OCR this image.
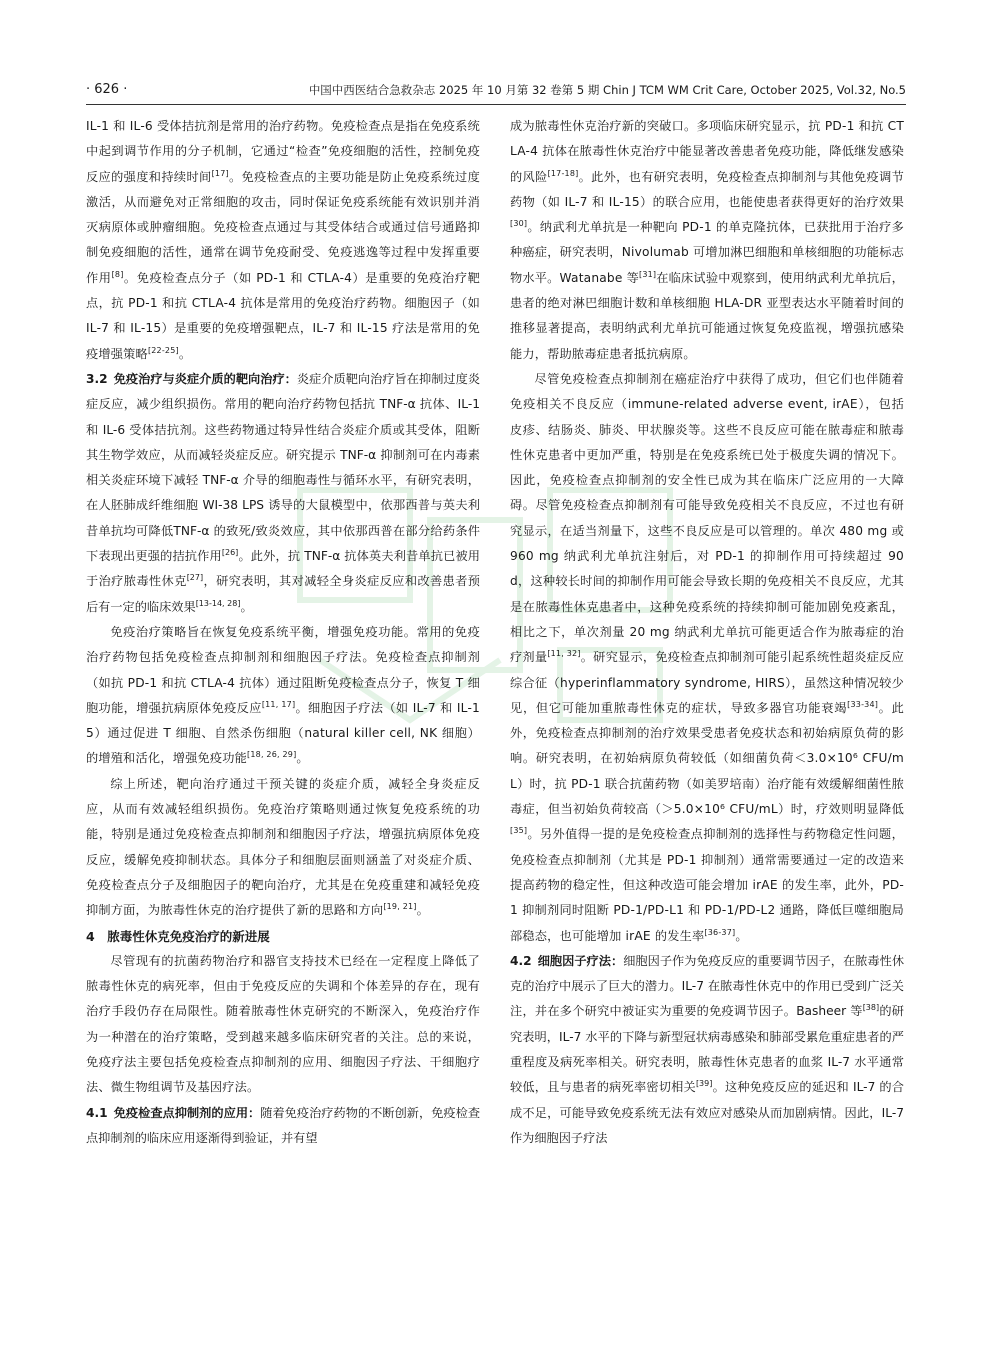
· 626 ·	中国中西医结合急救杂志 2025 年 10 月第 32 卷第 5 期 Chin J TCM WM Crit Care, October 2025, Vol.32, No.5

IL-1 和 IL-6 受体拮抗剂是常用的治疗药物。免疫检查点是指在免疫系统中起到调节作用的分子机制，它通过“检查”免疫细胞的活性，控制免疫反应的强度和持续时间[17]。免疫检查点的主要功能是防止免疫系统过度激活，从而避免对正常细胞的攻击，同时保证免疫系统能有效识别并消灭病原体或肿瘤细胞。免疫检查点通过与其受体结合或通过信号通路抑制免疫细胞的活性，通常在调节免疫耐受、免疫逃逸等过程中发挥重要作用[8]。免疫检查点分子（如 PD-1 和 CTLA-4）是重要的免疫治疗靶点，抗 PD-1 和抗 CTLA-4 抗体是常用的免疫治疗药物。细胞因子（如 IL-7 和 IL-15）是重要的免疫增强靶点，IL-7 和 IL-15 疗法是常用的免疫增强策略[22-25]。

3.2  免疫治疗与炎症介质的靶向治疗：炎症介质靶向治疗旨在抑制过度炎症反应，减少组织损伤。常用的靶向治疗药物包括抗 TNF-α 抗体、IL-1 和 IL-6 受体拮抗剂。这些药物通过特异性结合炎症介质或其受体，阻断其生物学效应，从而减轻炎症反应。研究提示 TNF-α 抑制剂可在内毒素相关炎症环境下减轻 TNF-α 介导的细胞毒性与循环水平，有研究表明，在人胚肺成纤维细胞 WI-38 LPS 诱导的大鼠模型中，依那西普与英夫利昔单抗均可降低TNF-α 的致死/致炎效应，其中依那西普在部分给药条件下表现出更强的拮抗作用[26]。此外，抗 TNF-α 抗体英夫利昔单抗已被用于治疗脓毒性休克[27]，研究表明，其对减轻全身炎症反应和改善患者预后有一定的临床效果[13-14, 28]。

免疫治疗策略旨在恢复免疫系统平衡，增强免疫功能。常用的免疫治疗药物包括免疫检查点抑制剂和细胞因子疗法。免疫检查点抑制剂（如抗 PD-1 和抗 CTLA-4 抗体）通过阻断免疫检查点分子，恢复 T 细胞功能，增强抗病原体免疫反应[11, 17]。细胞因子疗法（如 IL-7 和 IL-15）通过促进 T 细胞、自然杀伤细胞（natural killer cell, NK 细胞）的增殖和活化，增强免疫功能[18, 26, 29]。

综上所述，靶向治疗通过干预关键的炎症介质，减轻全身炎症反应，从而有效减轻组织损伤。免疫治疗策略则通过恢复免疫系统的功能，特别是通过免疫检查点抑制剂和细胞因子疗法，增强抗病原体免疫反应，缓解免疫抑制状态。具体分子和细胞层面则涵盖了对炎症介质、免疫检查点分子及细胞因子的靶向治疗，尤其是在免疫重建和减轻免疫抑制方面，为脓毒性休克的治疗提供了新的思路和方向[19, 21]。

4　脓毒性休克免疫治疗的新进展

尽管现有的抗菌药物治疗和器官支持技术已经在一定程度上降低了脓毒性休克的病死率，但由于免疫反应的失调和个体差异的存在，现有治疗手段仍存在局限性。随着脓毒性休克研究的不断深入，免疫治疗作为一种潜在的治疗策略，受到越来越多临床研究者的关注。总的来说，免疫疗法主要包括免疫检查点抑制剂的应用、细胞因子疗法、干细胞疗法、微生物组调节及基因疗法。

4.1  免疫检查点抑制剂的应用：随着免疫治疗药物的不断创新，免疫检查点抑制剂的临床应用逐渐得到验证，并有望

成为脓毒性休克治疗新的突破口。多项临床研究显示，抗 PD-1 和抗 CTLA-4 抗体在脓毒性休克治疗中能显著改善患者免疫功能，降低继发感染的风险[17-18]。此外，也有研究表明，免疫检查点抑制剂与其他免疫调节药物（如 IL-7 和 IL-15）的联合应用，也能使患者获得更好的治疗效果[30]。纳武利尤单抗是一种靶向 PD-1 的单克隆抗体，已获批用于治疗多种癌症，研究表明，Nivolumab 可增加淋巴细胞和单核细胞的功能标志物水平。Watanabe 等[31]在临床试验中观察到，使用纳武利尤单抗后，患者的绝对淋巴细胞计数和单核细胞 HLA-DR 亚型表达水平随着时间的推移显著提高，表明纳武利尤单抗可能通过恢复免疫监视，增强抗感染能力，帮助脓毒症患者抵抗病原。

尽管免疫检查点抑制剂在癌症治疗中获得了成功，但它们也伴随着免疫相关不良反应（immune-related adverse event, irAE），包括皮疹、结肠炎、肺炎、甲状腺炎等。这些不良反应可能在脓毒症和脓毒性休克患者中更加严重，特别是在免疫系统已处于极度失调的情况下。因此，免疫检查点抑制剂的安全性已成为其在临床广泛应用的一大障碍。尽管免疫检查点抑制剂有可能导致免疫相关不良反应，不过也有研究显示，在适当剂量下，这些不良反应是可以管理的。单次 480 mg 或 960 mg 纳武利尤单抗注射后，对 PD-1 的抑制作用可持续超过 90 d，这种较长时间的抑制作用可能会导致长期的免疫相关不良反应，尤其是在脓毒性休克患者中，这种免疫系统的持续抑制可能加剧免疫紊乱，相比之下，单次剂量 20 mg 纳武利尤单抗可能更适合作为脓毒症的治疗剂量[11, 32]。研究显示，免疫检查点抑制剂可能引起系统性超炎症反应综合征（hyperinflammatory syndrome, HIRS），虽然这种情况较少见，但它可能加重脓毒性休克的症状，导致多器官功能衰竭[33-34]。此外，免疫检查点抑制剂的治疗效果受患者免疫状态和初始病原负荷的影响。研究表明，在初始病原负荷较低（如细菌负荷＜3.0×10⁶ CFU/mL）时，抗 PD-1 联合抗菌药物（如美罗培南）治疗能有效缓解细菌性脓毒症，但当初始负荷较高（＞5.0×10⁶ CFU/mL）时，疗效则明显降低[35]。另外值得一提的是免疫检查点抑制剂的选择性与药物稳定性问题，免疫检查点抑制剂（尤其是 PD-1 抑制剂）通常需要通过一定的改造来提高药物的稳定性，但这种改造可能会增加 irAE 的发生率，此外，PD-1 抑制剂同时阻断 PD-1/PD-L1 和 PD-1/PD-L2 通路，降低巨噬细胞局部稳态，也可能增加 irAE 的发生率[36-37]。

4.2  细胞因子疗法：细胞因子作为免疫反应的重要调节因子，在脓毒性休克的治疗中展示了巨大的潜力。IL-7 在脓毒性休克中的作用已受到广泛关注，并在多个研究中被证实为重要的免疫调节因子。Basheer 等[38]的研究表明，IL-7 水平的下降与新型冠状病毒感染和肺部受累危重症患者的严重程度及病死率相关。研究表明，脓毒性休克患者的血浆 IL-7 水平通常较低，且与患者的病死率密切相关[39]。这种免疫反应的延迟和 IL-7 的合成不足，可能导致免疫系统无法有效应对感染从而加剧病情。因此，IL-7 作为细胞因子疗法
